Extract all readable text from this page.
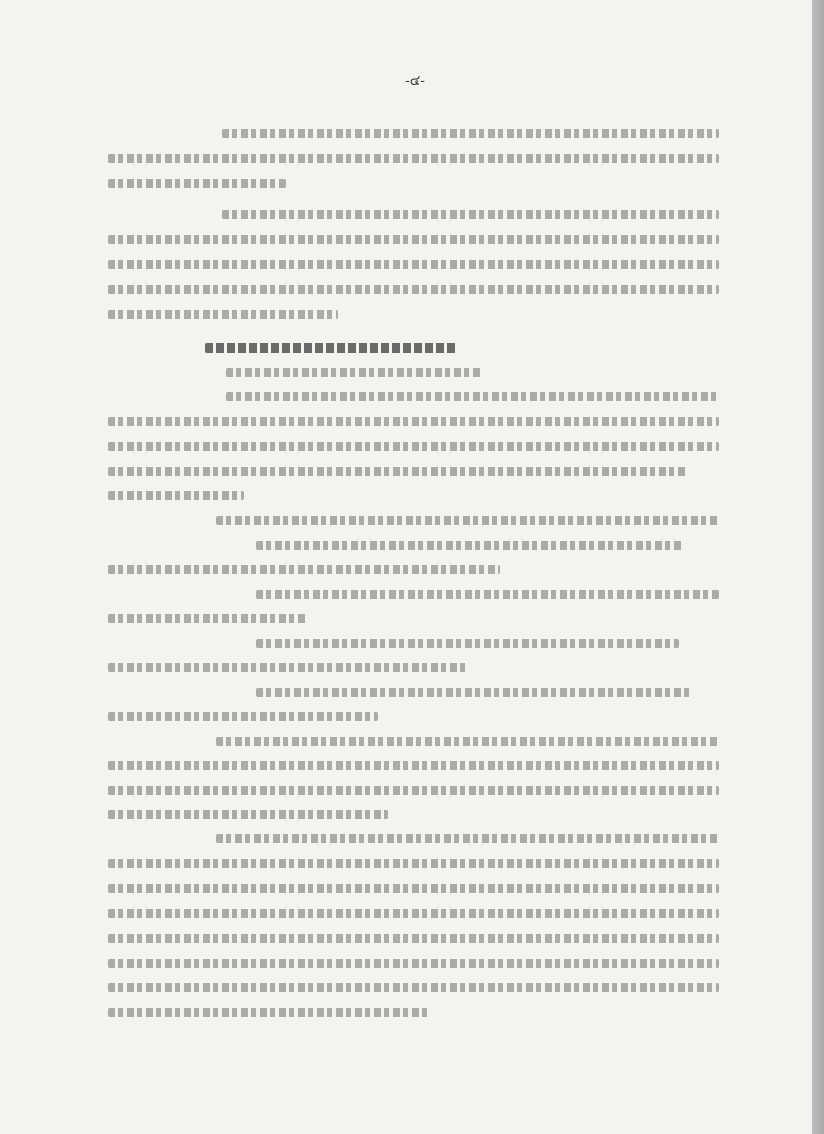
-๔-
